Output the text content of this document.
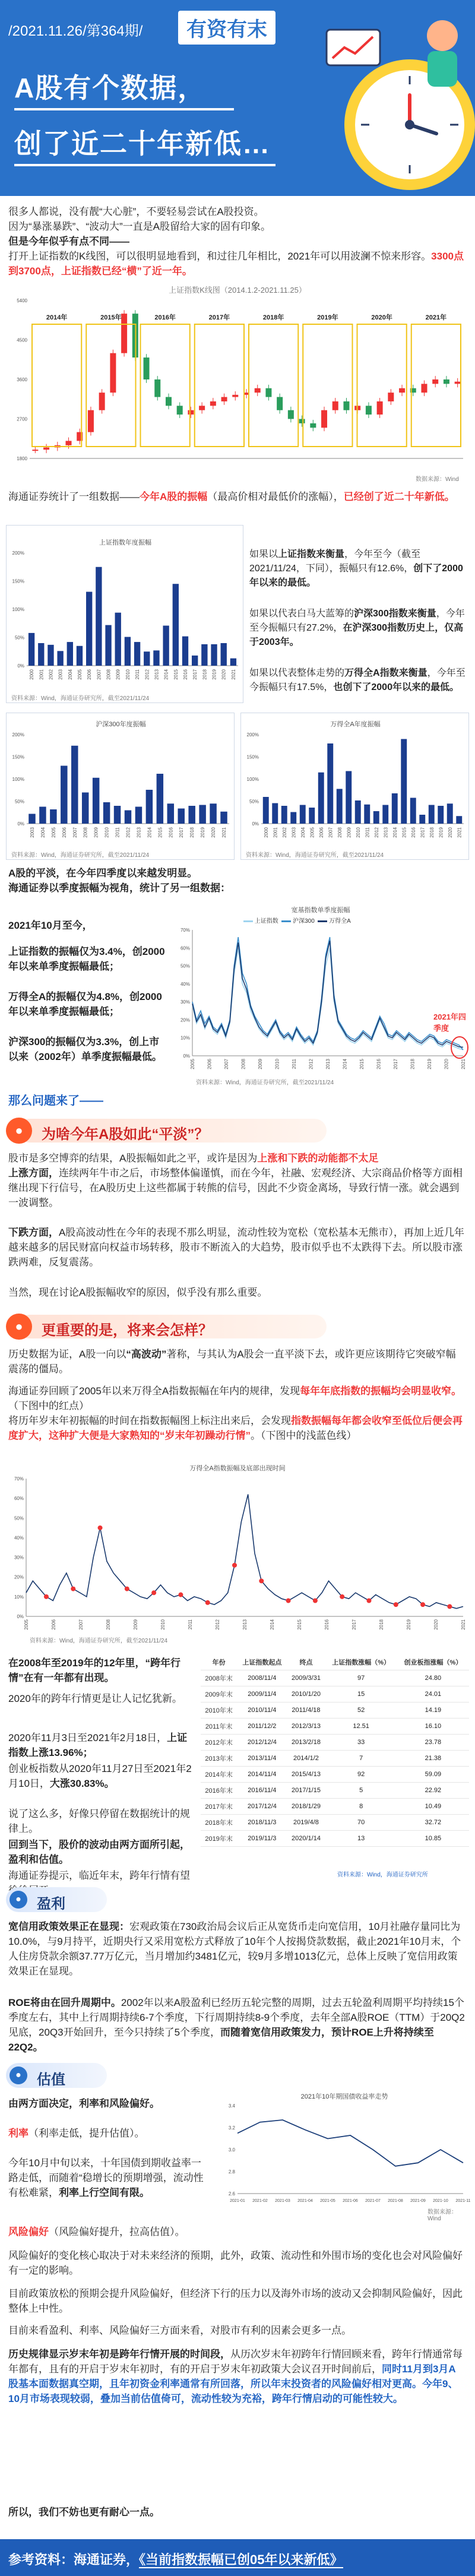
/2021.11.26/第364期/	有资有末
A股有个数据，
创了近二十年新低…

很多人都说，没有靓“大心脏”，不要轻易尝试在A股投资。

因为“暴涨暴跌”、“波动大”一直是A股留给大家的固有印象。

但是今年似乎有点不同——

打开上证指数的K线图，可以很明显地看到，和过往几年相比，2021年可以用波澜不惊来形容。3300点到3700点，上证指数已经“横”了近一年。

上证指数K线图（2014.1.2-2021.11.25）
2014年	2015年	2016年	2017年	2018年	2019年	2020年	2021年
1800
2700
3600
4500
5400
数据来源：Wind

海通证券统计了一组数据——今年A股的振幅（最高价相对最低价的涨幅），已经创了近二十年新低。

上证指数年度振幅
0%
50%
100%
150%
200%
2000 2001 2002 2003 2004 2005 2006 2007 2008 2009 2010 2011 2012 2013 2014 2015 2016 2017 2018 2019 2020 2021
资料来源：Wind，海通证券研究所，截至2021/11/24

如果以上证指数来衡量，今年至今（截至2021/11/24，下同），振幅只有12.6%，创下了2000年以来的最低。

如果以代表白马大蓝筹的沪深300指数来衡量，今年至今振幅只有27.2%，在沪深300指数历史上，仅高于2003年。

如果以代表整体走势的万得全A指数来衡量，今年至今振幅只有17.5%，也创下了2000年以来的最低。

沪深300年度振幅
0%
50%
100%
150%
200%
2003 2004 2005 2006 2007 2008 2009 2010 2011 2012 2013 2014 2015 2016 2017 2018 2019 2020 2021
资料来源：Wind，海通证券研究所，截至2021/11/24
万得全A年度振幅
0%
50%
100%
150%
200%
2000 2001 2002 2003 2004 2005 2006 2007 2008 2009 2010 2011 2012 2013 2014 2015 2016 2017 2018 2019 2020 2021
资料来源：Wind，海通证券研究所，截至2021/11/24

A股的平淡，在今年四季度以来越发明显。

海通证券以季度振幅为视角，统计了另一组数据：

2021年10月至今，

上证指数的振幅仅为3.4%，创2000年以来单季度振幅最低；

万得全A的振幅仅为4.8%，创2000年以来单季度振幅最低；

沪深300的振幅仅为3.3%，创上市以来（2002年）单季度振幅最低。

宽基指数单季度振幅
上证指数 沪深300 万得全A
0%
10%
20%
30%
40%
50%
60%
70%
2005 2006 2007 2008 2009 2010 2011 2012 2013 2014 2015 2016 2017 2018 2019 2020 2021
2021年四季度
资料来源：Wind，海通证券研究所，截至2021/11/24

那么问题来了——

●	为啥今年A股如此“平淡”？

股市是多空博弈的结果，A股振幅如此之平，或许是因为上涨和下跌的动能都不太足

上涨方面，连续两年牛市之后，市场整体偏谨慎，而在今年，社融、宏观经济、大宗商品价格等方面相继出现下行信号，在A股历史上这些都属于转熊的信号，因此不少资金离场，导致行情一涨。就会遇到一波调整。

下跌方面，A股高波动性在今年的表现不那么明显，流动性较为宽松（宽松基本无熊市），再加上近几年越来越多的居民财富向权益市场转移，股市不断流入的大趋势，股市似乎也不太跌得下去。所以股市涨跌两难，反复震荡。

当然，现在讨论A股振幅收窄的原因，似乎没有那么重要。

●	更重要的是，将来会怎样？

历史数据为证，A股一向以“高波动”著称，与其认为A股会一直平淡下去，或许更应该期待它突破窄幅震荡的僵局。

海通证券回顾了2005年以来万得全A指数振幅在年内的规律，发现每年年底指数的振幅均会明显收窄。（下图中的红点）

将历年岁末年初振幅的时间在指数振幅图上标注出来后，会发现指数振幅每年都会收窄至低位后便会再度扩大，这种扩大便是大家熟知的“岁末年初躁动行情”。（下图中的浅蓝色线）

万得全A指数振幅及底部出现时间
0%
10%
20%
30%
40%
50%
60%
70%
2005	2006	2007	2008	2009	2010	2011	2012	2013	2014	2015	2016	2017	2018	2019	2020	2021
资料来源：Wind，海通证券研究所，截至2021/11/24

在2008年至2019年的12年里，“跨年行情”在有一年都有出现。

2020年的跨年行情更是让人记忆犹新。

2020年11月3日至2021年2月18日，上证指数上涨13.96%；

创业板指数从2020年11月27日至2021年2月10日，大涨30.83%。

说了这么多，好像只停留在数据统计的规律上。

回到当下，股价的波动由两方面所引起，盈利和估值。

海通证券提示，临近年末，跨年行情有望

年份	上证指数起点	终点	上证指数涨幅（%）	创业板指涨幅（%）
2008年末	2008/11/4	2009/3/31	97	24.80
2009年末	2009/11/4	2010/1/20	15	24.01
2010年末	2010/11/4	2011/4/18	52	14.19
2011年末	2011/12/2	2012/3/13	12.51	16.10
2012年末	2012/12/4	2013/2/18	33	23.78
2013年末	2013/11/4	2014/1/2	7	21.38
2014年末	2014/11/4	2015/4/13	92	59.09
2016年末	2016/11/4	2017/1/15	5	22.92
2017年末	2017/12/4	2018/1/29	8	10.49
2018年末	2018/11/3	2019/4/8	70	32.72
2019年末	2019/11/3	2020/1/14	13	10.85
资料来源：Wind，海通证券研究所
●	盈利

宽信用政策效果正在显现：宏观政策在730政治局会议后正从宽货币走向宽信用，10月社融存量同比为10.0%，与9月持平，近期央行又采用宽松方式释放了10年个人按揭贷款数据，截止2021年10月末，个人住房贷款余额37.77万亿元，当月增加约3481亿元，较9月多增1013亿元，总体上反映了宽信用政策效果正在显现。

ROE将由在回升周期中。2002年以来A股盈利已经历五轮完整的周期，过去五轮盈利周期平均持续15个季度左右，其中上行周期持续6-7个季度，下行周期持续8-9个季度，去年全部A股ROE（TTM）于20Q2见底，20Q3开始回升，至今只持续了5个季度，而随着宽信用政策发力，预计ROE上升将持续至22Q2。

●	估值

由两方面决定，利率和风险偏好。

利率（利率走低，提升估值）。

今年10月中旬以来，十年国债到期收益率一路走低，而随着“稳增长的预期增强，流动性有松难紧，利率上行空间有限。

2021年10年期国债收益率走势
2.6
2.8
3.0
3.2
3.4
2021-01 2021-02 2021-03 2021-04 2021-05 2021-06 2021-07 2021-08 2021-09 2021-10 2021-11
数据来源：Wind

风险偏好（风险偏好提升，拉高估值）。

风险偏好的变化核心取决于对未来经济的预期，此外，政策、流动性和外围市场的变化也会对风险偏好有一定的影响。

目前政策放松的预期会提升风险偏好，但经济下行的压力以及海外市场的波动又会抑制风险偏好，因此整体上中性。

目前来看盈利、利率、风险偏好三方面来看，对股市有利的因素会更多一点。

历史规律显示岁末年初是跨年行情开展的时间段，从历次岁末年初跨年行情回顾来看，跨年行情通常每年都有，且有的开启于岁末年初时，有的开启于岁末年初政策大会议召开时间前后，同时11月到3月A股基本面数据真空期，且年初资金利率通常有所回落，所以年末投资者的风险偏好相对更高。今年9、10月市场表现较弱，叠加当前估值倚可，流动性较为充裕，跨年行情启动的可能性较大。

所以，我们不妨也更有耐心一点。

参考资料：海通证券，《当前指数振幅已创05年以来新低》
